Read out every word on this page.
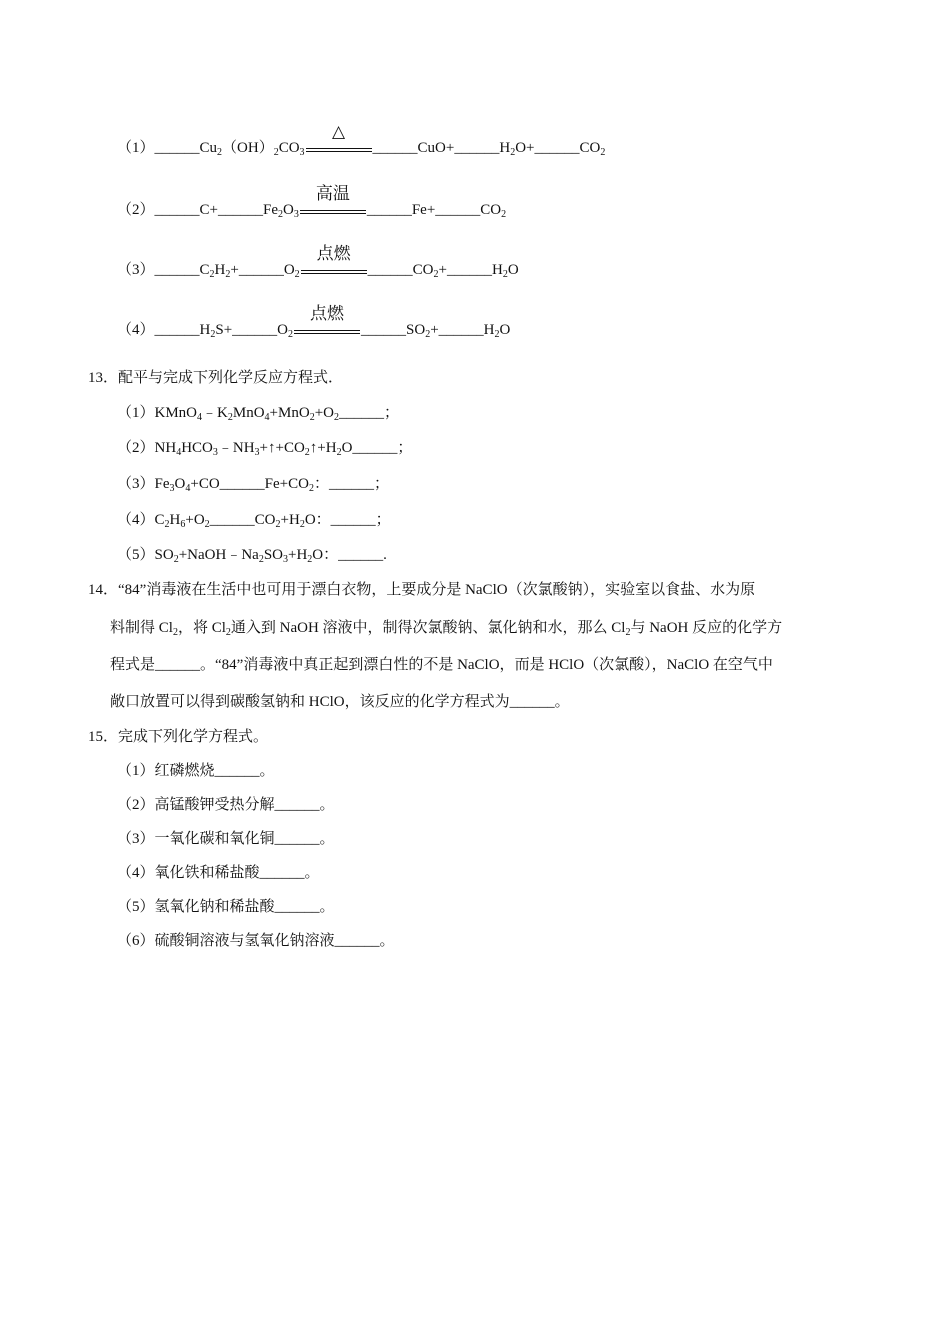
$(1)\_\_\_\_\_\_Cu_2(OH)_2CO_3$
△
$\_\_\_\_\_\_CuO+\_\_\_\_\_\_H_2O+\_\_\_\_\_\_CO_2$
$(2)\_\_\_\_\_\_C+\_\_\_\_\_\_Fe_2O_3$
高温
$\_\_\_\_\_\_Fe+\_\_\_\_\_\_CO_2$
$(3)\_\_\_\_\_\_C_2H_2+\_\_\_\_\_\_O_2$
点燃
$\_\_\_\_\_\_CO_2+\_\_\_\_\_\_H_2O$
$(4)\_\_\_\_\_\_H_2S+\_\_\_\_\_\_O_2$
点燃
$\_\_\_\_\_\_SO_2+\_\_\_\_\_\_H_2O$
13．配平与完成下列化学反应方程式．
$(1)KMnO_4﹣K_2MnO_4+MnO_2+O_2\_\_\_\_\_\_$；
$(2)NH_4HCO_3﹣NH_3+↑+CO_2↑+H_2O\_\_\_\_\_\_$；
$(3)Fe_3O_4+CO\_\_\_\_\_\_Fe+CO_2$：______；
$(4)C_2H_6+O_2\_\_\_\_\_\_CO_2+H_2O$：______；
$(5)SO_2+NaOH﹣Na_2SO_3+H_2O$：______.
14．“84”消毒液在生活中也可用于漂白衣物，上要成分是 NaClO（次氯酸钠），实验室以食盐、水为原
料制得 $Cl_2$，将 $Cl_2$通入到 NaOH 溶液中，制得次氯酸钠、氯化钠和水，那么 $Cl_2$与 NaOH 反应的化学方
程式是______。“84”消毒液中真正起到漂白性的不是 NaClO，而是 HClO（次氯酸），NaClO 在空气中
敞口放置可以得到碳酸氢钠和 HClO，该反应的化学方程式为______。
15．完成下列化学方程式。
（1）红磷燃烧______。
（2）高锰酸钾受热分解______。
（3）一氧化碳和氧化铜______。
（4）氧化铁和稀盐酸______。
（5）氢氧化钠和稀盐酸______。
（6）硫酸铜溶液与氢氧化钠溶液______。
